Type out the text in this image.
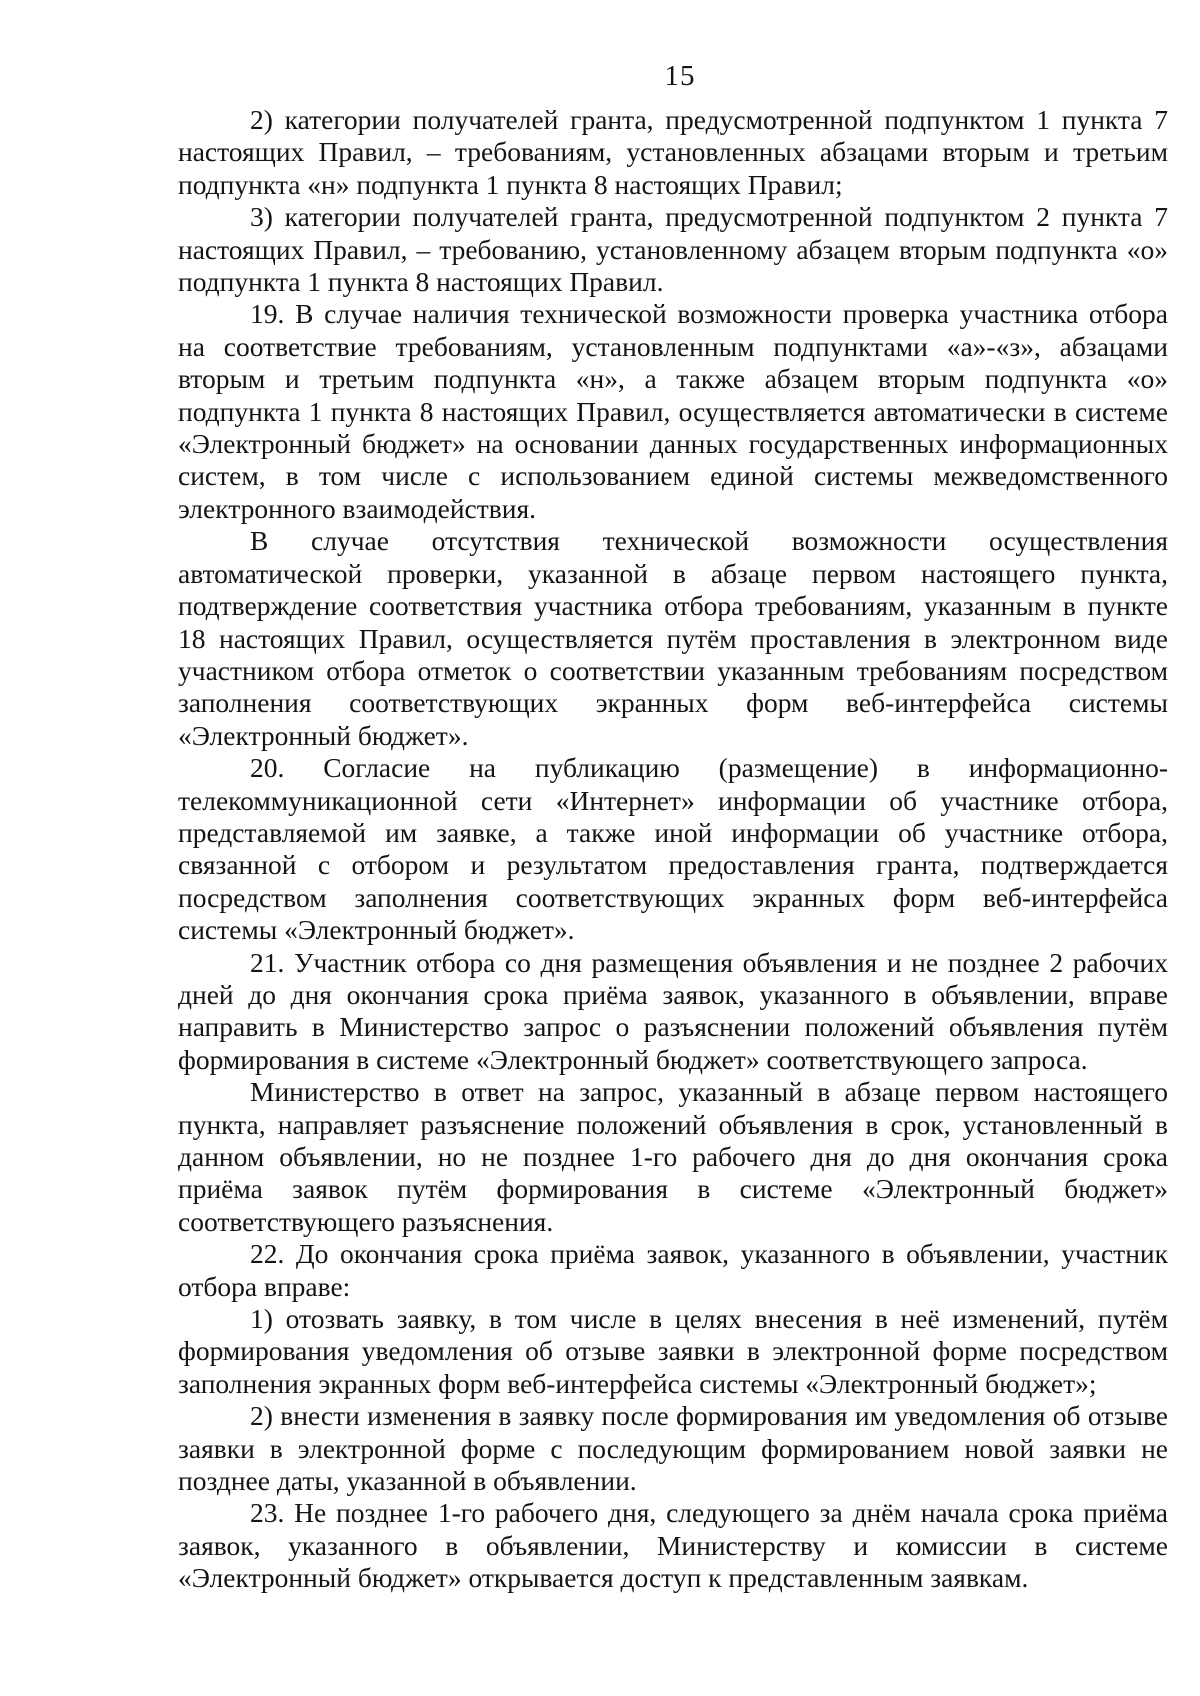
15

2) категории получателей гранта, предусмотренной подпунктом 1 пункта 7 настоящих Правил, – требованиям, установленных абзацами вторым и третьим подпункта «н» подпункта 1 пункта 8 настоящих Правил;

3) категории получателей гранта, предусмотренной подпунктом 2 пункта 7 настоящих Правил, – требованию, установленному абзацем вторым подпункта «о» подпункта 1 пункта 8 настоящих Правил.

19. В случае наличия технической возможности проверка участника отбора на соответствие требованиям, установленным подпунктами «а»-«з», абзацами вторым и третьим подпункта «н», а также абзацем вторым подпункта «о» подпункта 1 пункта 8 настоящих Правил, осуществляется автоматически в системе «Электронный бюджет» на основании данных государственных информационных систем, в том числе с использованием единой системы межведомственного электронного взаимодействия.

В случае отсутствия технической возможности осуществления автоматической проверки, указанной в абзаце первом настоящего пункта, подтверждение соответствия участника отбора требованиям, указанным в пункте 18 настоящих Правил, осуществляется путём проставления в электронном виде участником отбора отметок о соответствии указанным требованиям посредством заполнения соответствующих экранных форм веб-интерфейса системы «Электронный бюджет».

20. Согласие на публикацию (размещение) в информационно-телекоммуникационной сети «Интернет» информации об участнике отбора, представляемой им заявке, а также иной информации об участнике отбора, связанной с отбором и результатом предоставления гранта, подтверждается посредством заполнения соответствующих экранных форм веб-интерфейса системы «Электронный бюджет».

21. Участник отбора со дня размещения объявления и не позднее 2 рабочих дней до дня окончания срока приёма заявок, указанного в объявлении, вправе направить в Министерство запрос о разъяснении положений объявления путём формирования в системе «Электронный бюджет» соответствующего запроса.

Министерство в ответ на запрос, указанный в абзаце первом настоящего пункта, направляет разъяснение положений объявления в срок, установленный в данном объявлении, но не позднее 1-го рабочего дня до дня окончания срока приёма заявок путём формирования в системе «Электронный бюджет» соответствующего разъяснения.

22. До окончания срока приёма заявок, указанного в объявлении, участник отбора вправе:

1) отозвать заявку, в том числе в целях внесения в неё изменений, путём формирования уведомления об отзыве заявки в электронной форме посредством заполнения экранных форм веб-интерфейса системы «Электронный бюджет»;

2) внести изменения в заявку после формирования им уведомления об отзыве заявки в электронной форме с последующим формированием новой заявки не позднее даты, указанной в объявлении.

23. Не позднее 1-го рабочего дня, следующего за днём начала срока приёма заявок, указанного в объявлении, Министерству и комиссии в системе «Электронный бюджет» открывается доступ к представленным заявкам.
